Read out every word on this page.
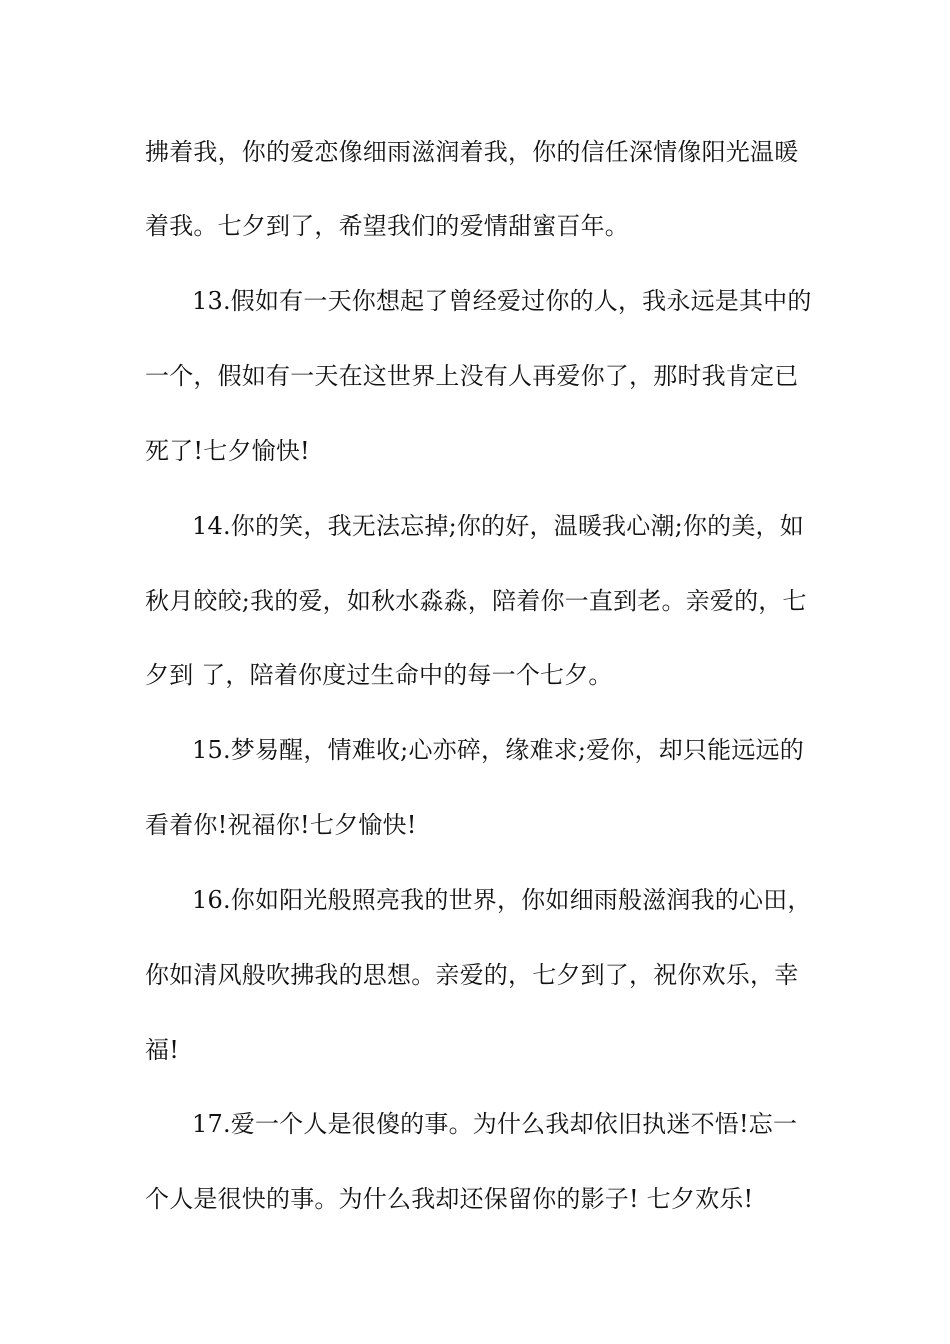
拂着我，你的爱恋像细雨滋润着我，你的信任深情像阳光温暖
着我。七夕到了，希望我们的爱情甜蜜百年。
13.假如有一天你想起了曾经爱过你的人，我永远是其中的
一个，假如有一天在这世界上没有人再爱你了，那时我肯定已
死了!七夕愉快!
14.你的笑，我无法忘掉;你的好，温暖我心潮;你的美，如
秋月皎皎;我的爱，如秋水淼淼，陪着你一直到老。亲爱的，七
夕到 了，陪着你度过生命中的每一个七夕。
15.梦易醒，情难收;心亦碎，缘难求;爱你，却只能远远的
看着你!祝福你!七夕愉快!
16.你如阳光般照亮我的世界，你如细雨般滋润我的心田，
你如清风般吹拂我的思想。亲爱的，七夕到了，祝你欢乐，幸
福!
17.爱一个人是很傻的事。为什么我却依旧执迷不悟!忘一
个人是很快的事。为什么我却还保留你的影子! 七夕欢乐!
